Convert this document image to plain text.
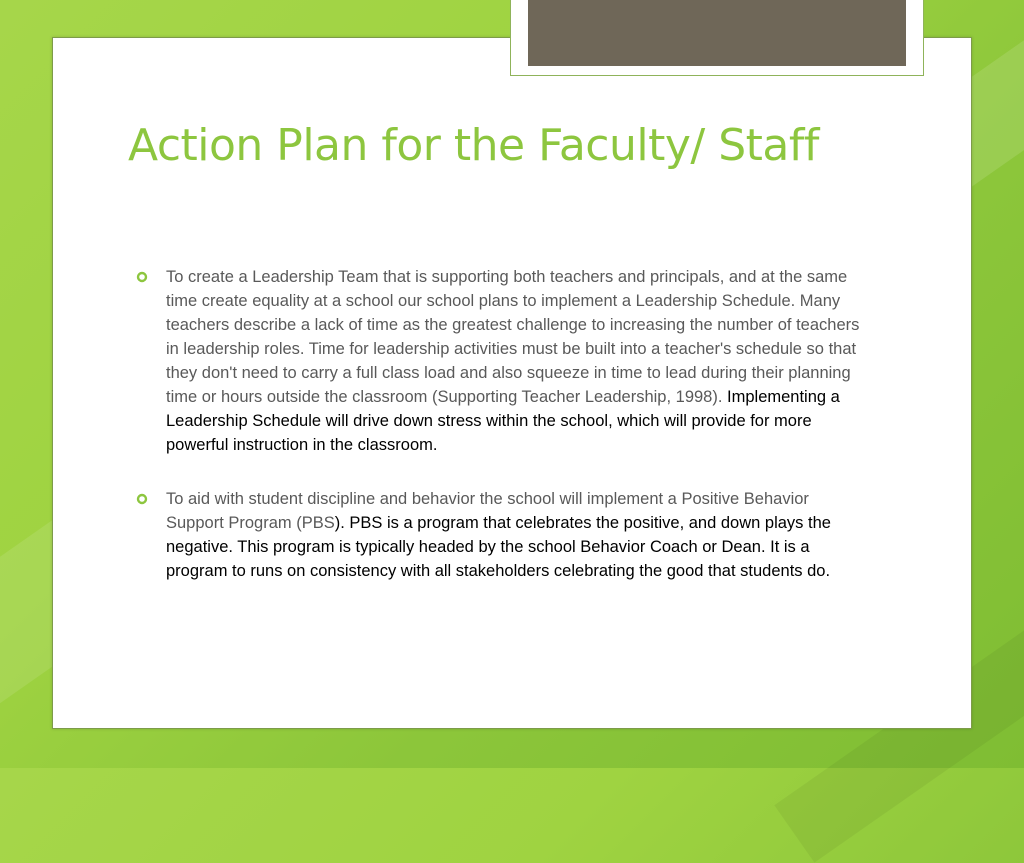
Action Plan for the Faculty/ Staff
To create a Leadership Team that is supporting both teachers and principals, and at the same time create equality at a school our school plans to implement a Leadership Schedule. Many teachers describe a lack of time as the greatest challenge to increasing the number of teachers in leadership roles. Time for leadership activities must be built into a teacher's schedule so that they don't need to carry a full class load and also squeeze in time to lead during their planning time or hours outside the classroom (Supporting Teacher Leadership, 1998). Implementing a Leadership Schedule will drive down stress within the school, which will provide for more powerful instruction in the classroom.
To aid with student discipline and behavior the school will implement a Positive Behavior Support Program (PBS). PBS is a program that celebrates the positive, and down plays the negative. This program is typically headed by the school Behavior Coach or Dean. It is a program to runs on consistency with all stakeholders celebrating the good that students do.
